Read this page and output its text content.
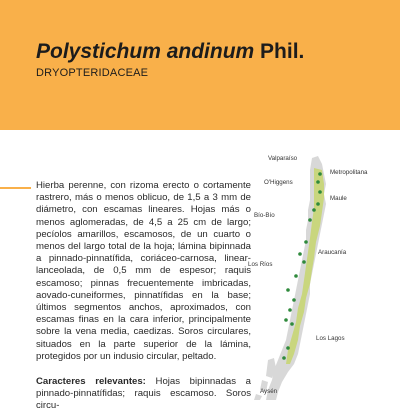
Polystichum andinum Phil.
DRYOPTERIDACEAE

Hierba perenne, con rizoma erecto o cortamente rastrero, más o menos oblicuo, de 1,5 a 3 mm de diámetro, con escamas lineares. Hojas más o menos aglomeradas, de 4,5 a 25 cm de largo; pecíolos amarillos, escamosos, de un cuarto o menos del largo total de la hoja; lámina bipinnada a pinnado-pinnatífida, coriáceo-carnosa, linear-lanceolada, de 0,5 mm de espesor; raquis escamoso; pinnas frecuentemente imbricadas, aovado-cuneiformes, pinnatífidas en la base; últimos segmentos anchos, aproximados, con escamas finas en la cara inferior, principalmente sobre la vena media, caedizas. Soros circulares, situados en la parte superior de la lámina, protegidos por un indusio circular, peltado.

Caracteres relevantes: Hojas bipinnadas a pinnado-pinnatífidas; raquis escamoso. Soros circu-

Valparaíso
Metropolitana
O'Higgens
Maule
Bío-Bío
Araucanía
Los Ríos
Los Lagos
Aysén
